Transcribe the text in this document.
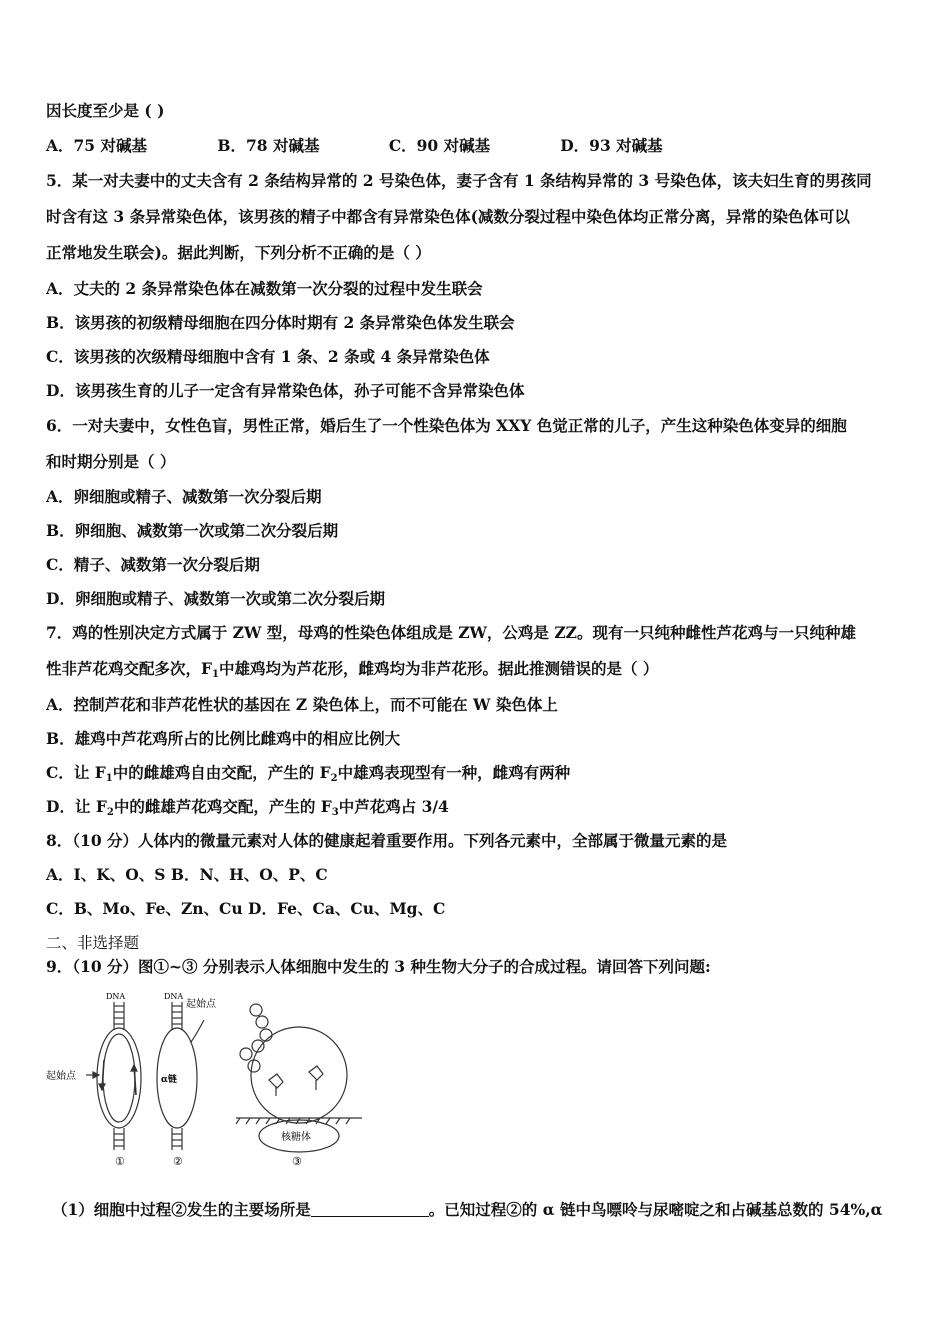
因长度至少是 ( )
A．75 对碱基	B．78 对碱基	C．90 对碱基	D．93 对碱基
5．某一对夫妻中的丈夫含有 2 条结构异常的 2 号染色体，妻子含有 1 条结构异常的 3 号染色体，该夫妇生育的男孩同
时含有这 3 条异常染色体，该男孩的精子中都含有异常染色体(减数分裂过程中染色体均正常分离，异常的染色体可以
正常地发生联会)。据此判断，下列分析不正确的是（ ）
A．丈夫的 2 条异常染色体在减数第一次分裂的过程中发生联会
B．该男孩的初级精母细胞在四分体时期有 2 条异常染色体发生联会
C．该男孩的次级精母细胞中含有 1 条、2 条或 4 条异常染色体
D．该男孩生育的儿子一定含有异常染色体，孙子可能不含异常染色体
6．一对夫妻中，女性色盲，男性正常，婚后生了一个性染色体为 XXY 色觉正常的儿子，产生这种染色体变异的细胞
和时期分别是（ ）
A．卵细胞或精子、减数第一次分裂后期
B．卵细胞、减数第一次或第二次分裂后期
C．精子、减数第一次分裂后期
D．卵细胞或精子、减数第一次或第二次分裂后期
7．鸡的性别决定方式属于 ZW 型，母鸡的性染色体组成是 ZW，公鸡是 ZZ。现有一只纯种雌性芦花鸡与一只纯种雄
性非芦花鸡交配多次，$F_1$中雄鸡均为芦花形，雌鸡均为非芦花形。据此推测错误的是（ ）
A．控制芦花和非芦花性状的基因在 Z 染色体上，而不可能在 W 染色体上
B．雄鸡中芦花鸡所占的比例比雌鸡中的相应比例大
C．让 $F_1$中的雌雄鸡自由交配，产生的 $F_2$中雄鸡表现型有一种，雌鸡有两种
D．让 $F_2$中的雌雄芦花鸡交配，产生的 $F_3$中芦花鸡占 3/4
8．（10 分）人体内的微量元素对人体的健康起着重要作用。下列各元素中，全部属于微量元素的是
A．I、K、O、S B．N、H、O、P、C
C．B、Mo、Fe、Zn、Cu D．Fe、Ca、Cu、Mg、C
二、非选择题
9．（10 分）图①~③ 分别表示人体细胞中发生的 3 种生物大分子的合成过程。请回答下列问题:
DNA
起始点
①
DNA
起始点
α链
②
核糖体
③
（1）细胞中过程②发生的主要场所是	。已知过程②的 α 链中鸟嘌呤与尿嘧啶之和占碱基总数的 54%,α
